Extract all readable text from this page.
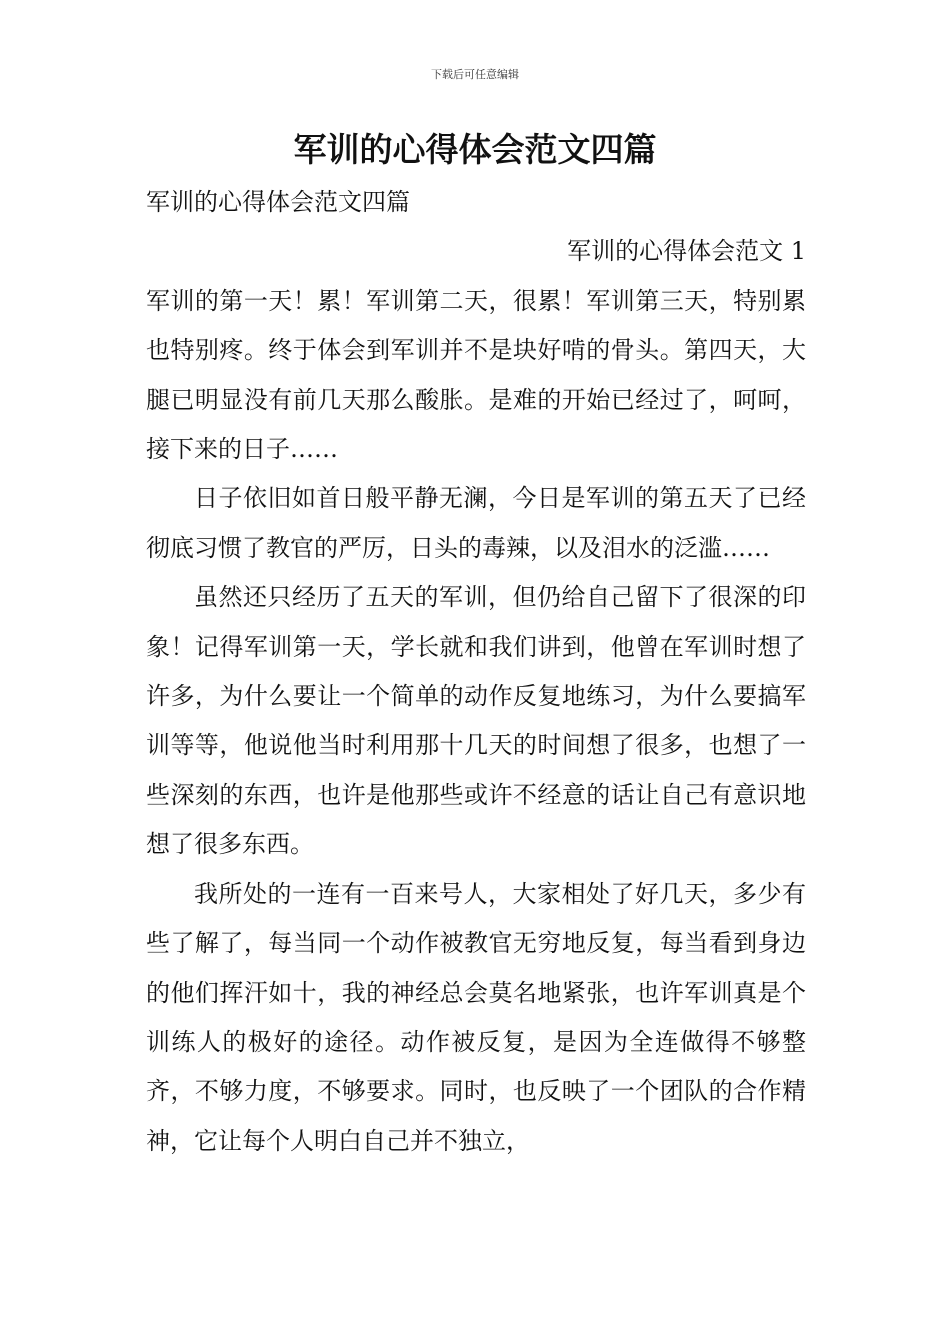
下载后可任意编辑
军训的心得体会范文四篇

军训的心得体会范文四篇

军训的心得体会范文 1

军训的第一天！累！军训第二天，很累！军训第三天，特别累也特别疼。终于体会到军训并不是块好啃的骨头。第四天，大腿已明显没有前几天那么酸胀。是难的开始已经过了，呵呵，接下来的日子……

日子依旧如首日般平静无澜，今日是军训的第五天了已经彻底习惯了教官的严厉，日头的毒辣，以及泪水的泛滥……

虽然还只经历了五天的军训，但仍给自己留下了很深的印象！记得军训第一天，学长就和我们讲到，他曾在军训时想了许多，为什么要让一个简单的动作反复地练习，为什么要搞军训等等，他说他当时利用那十几天的时间想了很多，也想了一些深刻的东西，也许是他那些或许不经意的话让自己有意识地想了很多东西。

我所处的一连有一百来号人，大家相处了好几天，多少有些了解了，每当同一个动作被教官无穷地反复，每当看到身边的他们挥汗如十，我的神经总会莫名地紧张，也许军训真是个训练人的极好的途径。动作被反复，是因为全连做得不够整齐，不够力度，不够要求。同时，也反映了一个团队的合作精神，它让每个人明白自己并不独立，
